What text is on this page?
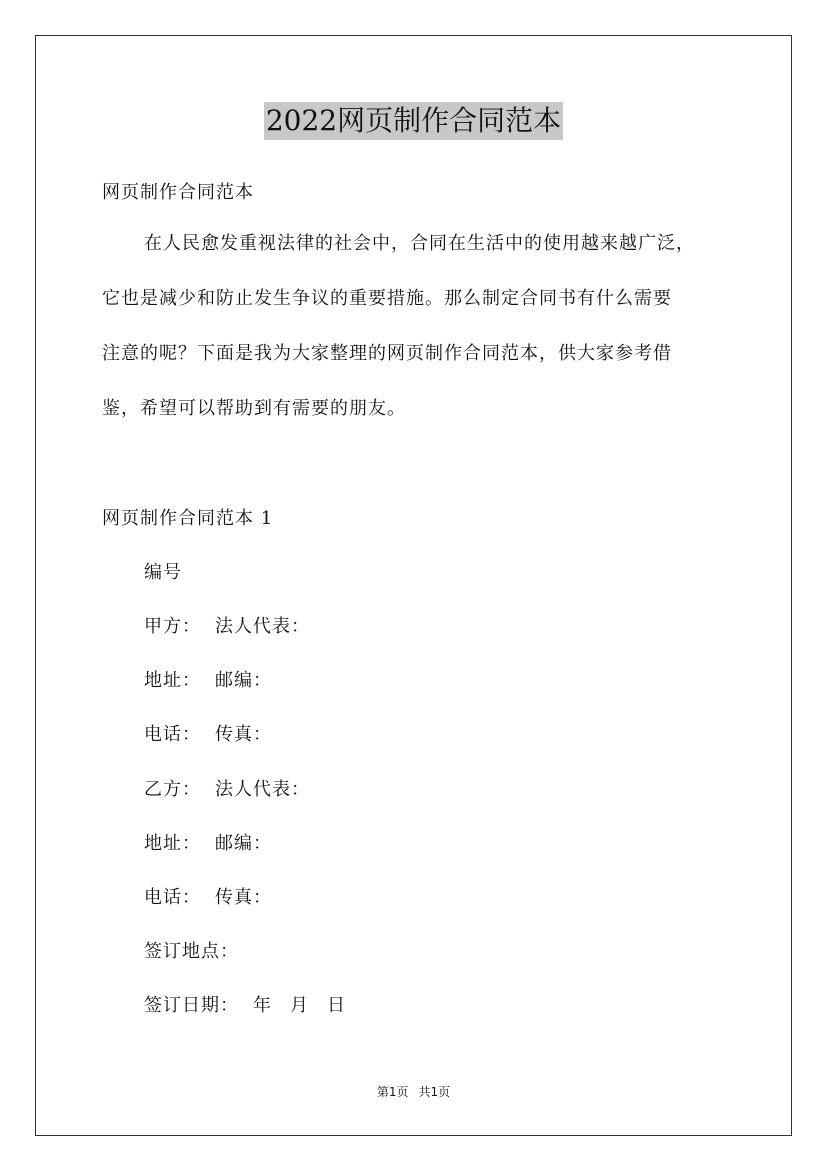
2022网页制作合同范本
网页制作合同范本
在人民愈发重视法律的社会中，合同在生活中的使用越来越广泛，
它也是减少和防止发生争议的重要措施。那么制定合同书有什么需要
注意的呢？下面是我为大家整理的网页制作合同范本，供大家参考借
鉴，希望可以帮助到有需要的朋友。
网页制作合同范本 1
编号
甲方： 法人代表：
地址： 邮编：
电话： 传真：
乙方： 法人代表：
地址： 邮编：
电话： 传真：
签订地点：
签订日期： 年 月 日
第1页 共1页
